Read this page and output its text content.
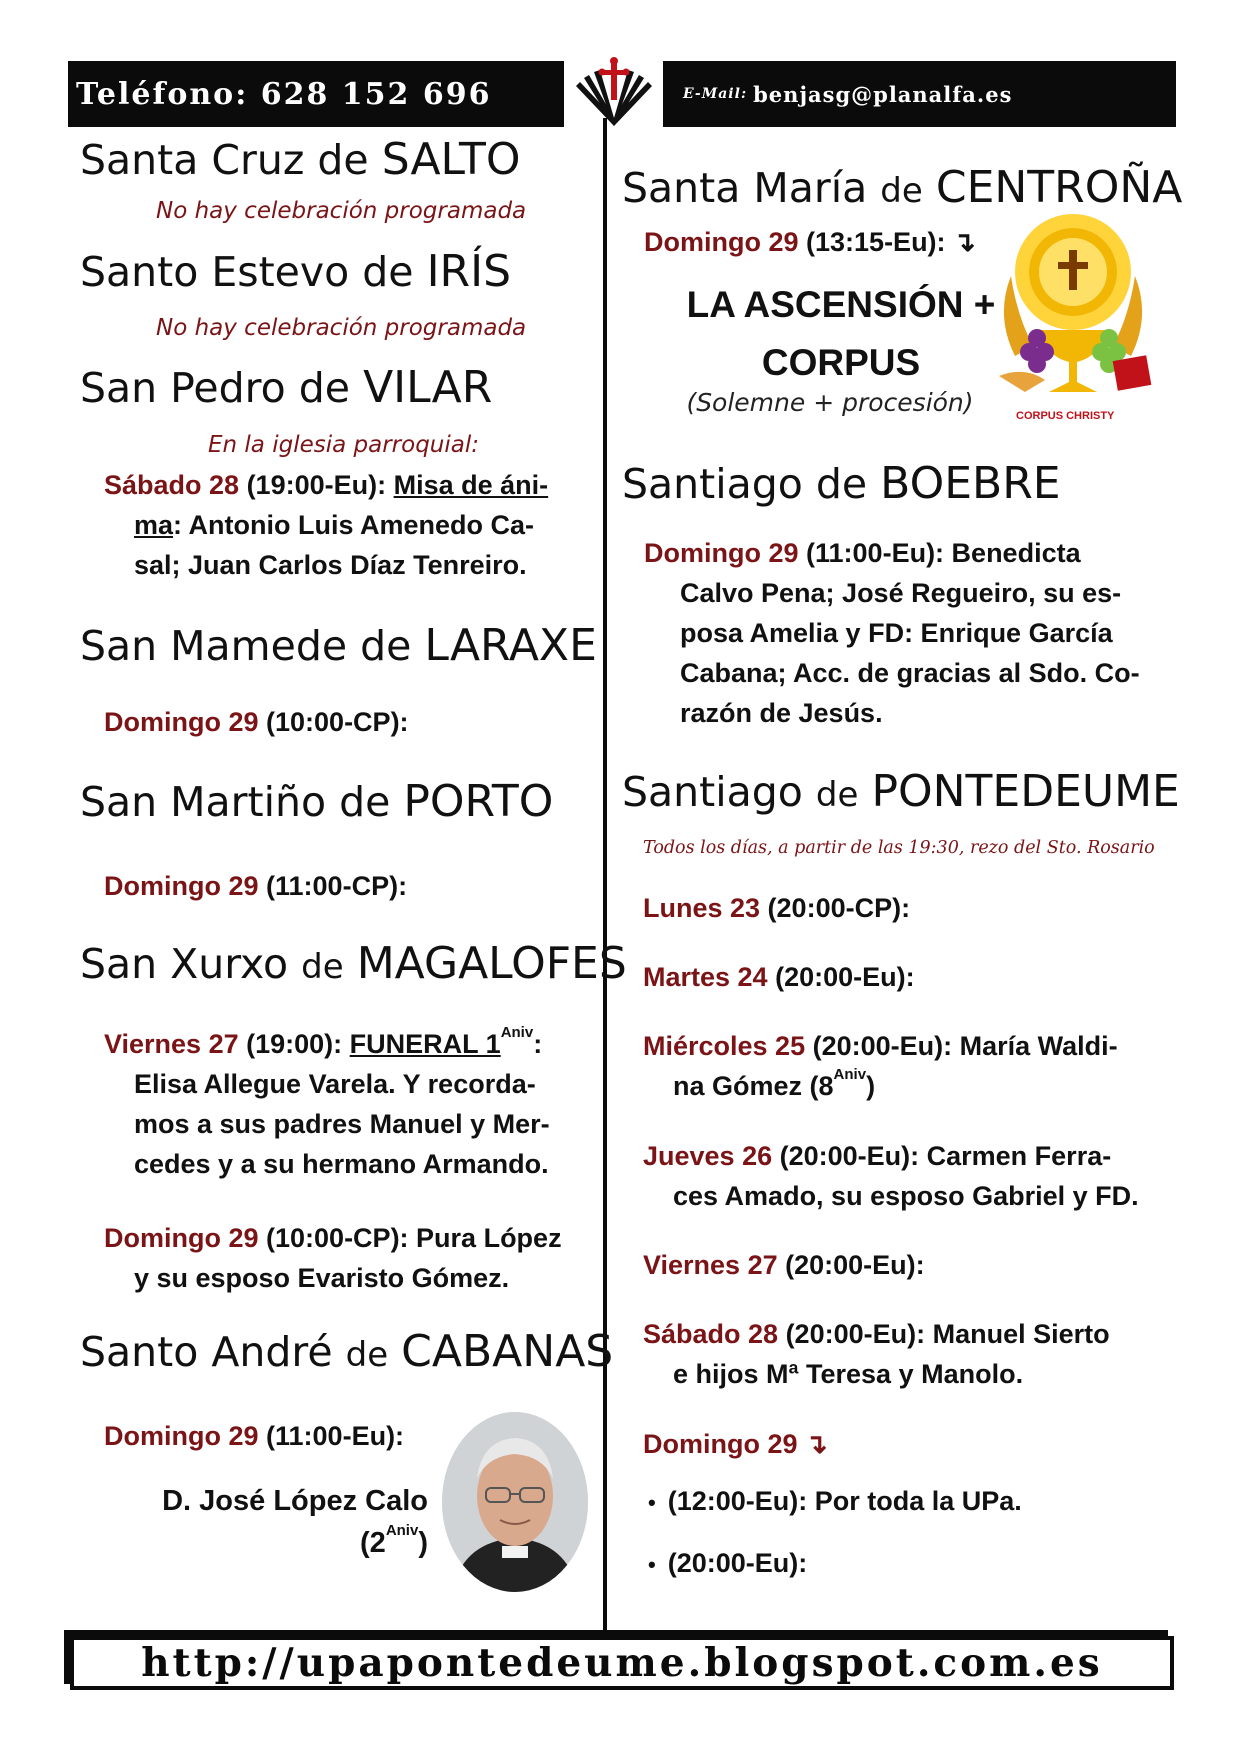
Teléfono: 628 152 696	E-Mail: benjasg@planalfa.es
Santa Cruz de SALTO
No hay celebración programada
Santo Estevo de IRÍS
No hay celebración programada
San Pedro de VILAR
En la iglesia parroquial:
Sábado 28 (19:00-Eu): Misa de áni-
ma: Antonio Luis Amenedo Ca-
sal; Juan Carlos Díaz Tenreiro.
San Mamede de LARAXE
Domingo 29 (10:00-CP):
San Martiño de PORTO
Domingo 29 (11:00-CP):
San Xurxo de MAGALOFES
Viernes 27 (19:00): FUNERAL $1^{Aniv}$:
Elisa Allegue Varela. Y recorda-
mos a sus padres Manuel y Mer-
cedes y a su hermano Armando.
Domingo 29 (10:00-CP): Pura López
y su esposo Evaristo Gómez.
Santo André de CABANAS
Domingo 29 (11:00-Eu):
D. José López Calo
$(2^{Aniv})$
Santa María de CENTROÑA
Domingo 29 (13:15-Eu): ↴
LA ASCENSIÓN +
CORPUS
(Solemne + procesión)	CORPUS CHRISTY
Santiago de BOEBRE
Domingo 29 (11:00-Eu): Benedicta
Calvo Pena; José Regueiro, su es-
posa Amelia y FD: Enrique García
Cabana; Acc. de gracias al Sdo. Co-
razón de Jesús.
Santiago de PONTEDEUME
Todos los días, a partir de las 19:30, rezo del Sto. Rosario
Lunes 23 (20:00-CP):
Martes 24 (20:00-Eu):
Miércoles 25 (20:00-Eu): María Waldi-
na Gómez $(8^{Aniv})$
Jueves 26 (20:00-Eu): Carmen Ferra-
ces Amado, su esposo Gabriel y FD.
Viernes 27 (20:00-Eu):
Sábado 28 (20:00-Eu): Manuel Sierto
e hijos Mª Teresa y Manolo.
Domingo 29 ↴
• (12:00-Eu): Por toda la UPa.
• (20:00-Eu):
http://upapontedeume.blogspot.com.es
